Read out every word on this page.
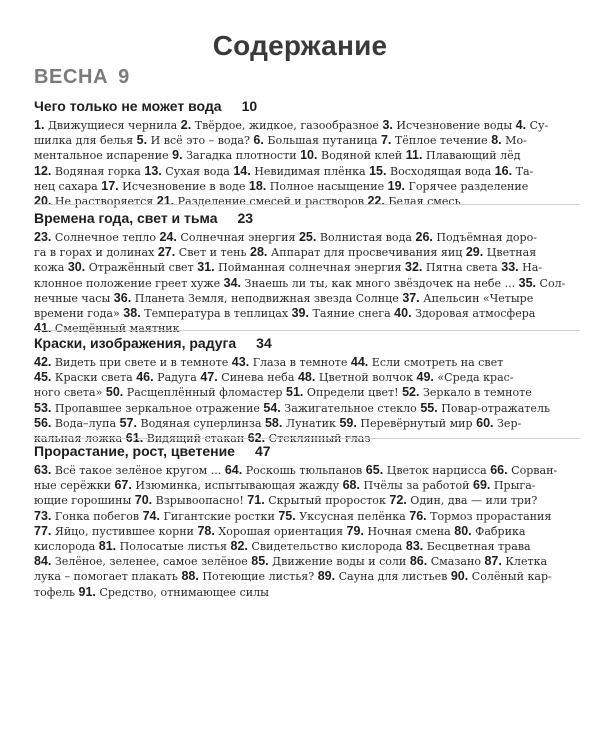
Содержание
ВЕСНА 9
Чего только не может вода 10
1. Движущиеся чернила 2. Твёрдое, жидкое, газообразное 3. Исчезновение воды 4. Су-
шилка для белья 5. И всё это – вода? 6. Большая путаница 7. Тёплое течение 8. Мо-
ментальное испарение 9. Загадка плотности 10. Водяной клей 11. Плавающий лёд
12. Водяная горка 13. Сухая вода 14. Невидимая плёнка 15. Восходящая вода 16. Та-
нец сахара 17. Исчезновение в воде 18. Полное насыщение 19. Горячее разделение
20. Не растворяется 21. Разделение смесей и растворов 22. Белая смесь
Времена года, свет и тьма 23
23. Солнечное тепло 24. Солнечная энергия 25. Волнистая вода 26. Подъёмная доро-
га в горах и долинах 27. Свет и тень 28. Аппарат для просвечивания яиц 29. Цветная
кожа 30. Отражённый свет 31. Поймaнная солнечная энергия 32. Пятна света 33. На-
клонное положение греет хуже 34. Знаешь ли ты, как много звёздочек на небе ... 35. Сол-
нечные часы 36. Планета Земля, неподвижная звезда Солнце 37. Апельсин «Четыре
времени года» 38. Температура в теплицах 39. Таяние снега 40. Здоровая атмосфера
41. Смещённый маятник
Краски, изображения, радуга 34
42. Видеть при свете и в темноте 43. Глаза в темноте 44. Если смотреть на свет
45. Краски света 46. Радуга 47. Синева неба 48. Цветной волчок 49. «Среда крас-
ного света» 50. Расщеплённый фломастер 51. Определи цвет! 52. Зеркало в темноте
53. Пропавшее зеркальное отражение 54. Зажигательное стекло 55. Повар-отражатель
56. Вода–лупа 57. Водяная суперлинза 58. Лунатик 59. Перевёрнутый мир 60. Зер-
кальная ложка 61. Видящий стакан 62. Стеклянный глаз
Прорастание, рост, цветение 47
63. Всё такое зелёное кругом ... 64. Роскошь тюльпанов 65. Цветок нарцисса 66. Сорван-
ные серёжки 67. Изюминка, испытывающая жажду 68. Пчёлы за работой 69. Прыга-
ющие горошины 70. Взрывоопасно! 71. Скрытый проросток 72. Один, два — или три?
73. Гонка побегов 74. Гигантские ростки 75. Уксусная пелёнка 76. Тормоз прорастания
77. Яйцо, пустившее корни 78. Хорошая ориентация 79. Ночная смена 80. Фабрика
кислорода 81. Полосатые листья 82. Свидетельство кислорода 83. Бесцветная трава
84. Зелёное, зеленее, самое зелёное 85. Движение воды и соли 86. Смазано 87. Клетка
лука – помогает плакать 88. Потеющие листья? 89. Сауна для листьев 90. Солёный кар-
тофель 91. Средство, отнимающее силы
